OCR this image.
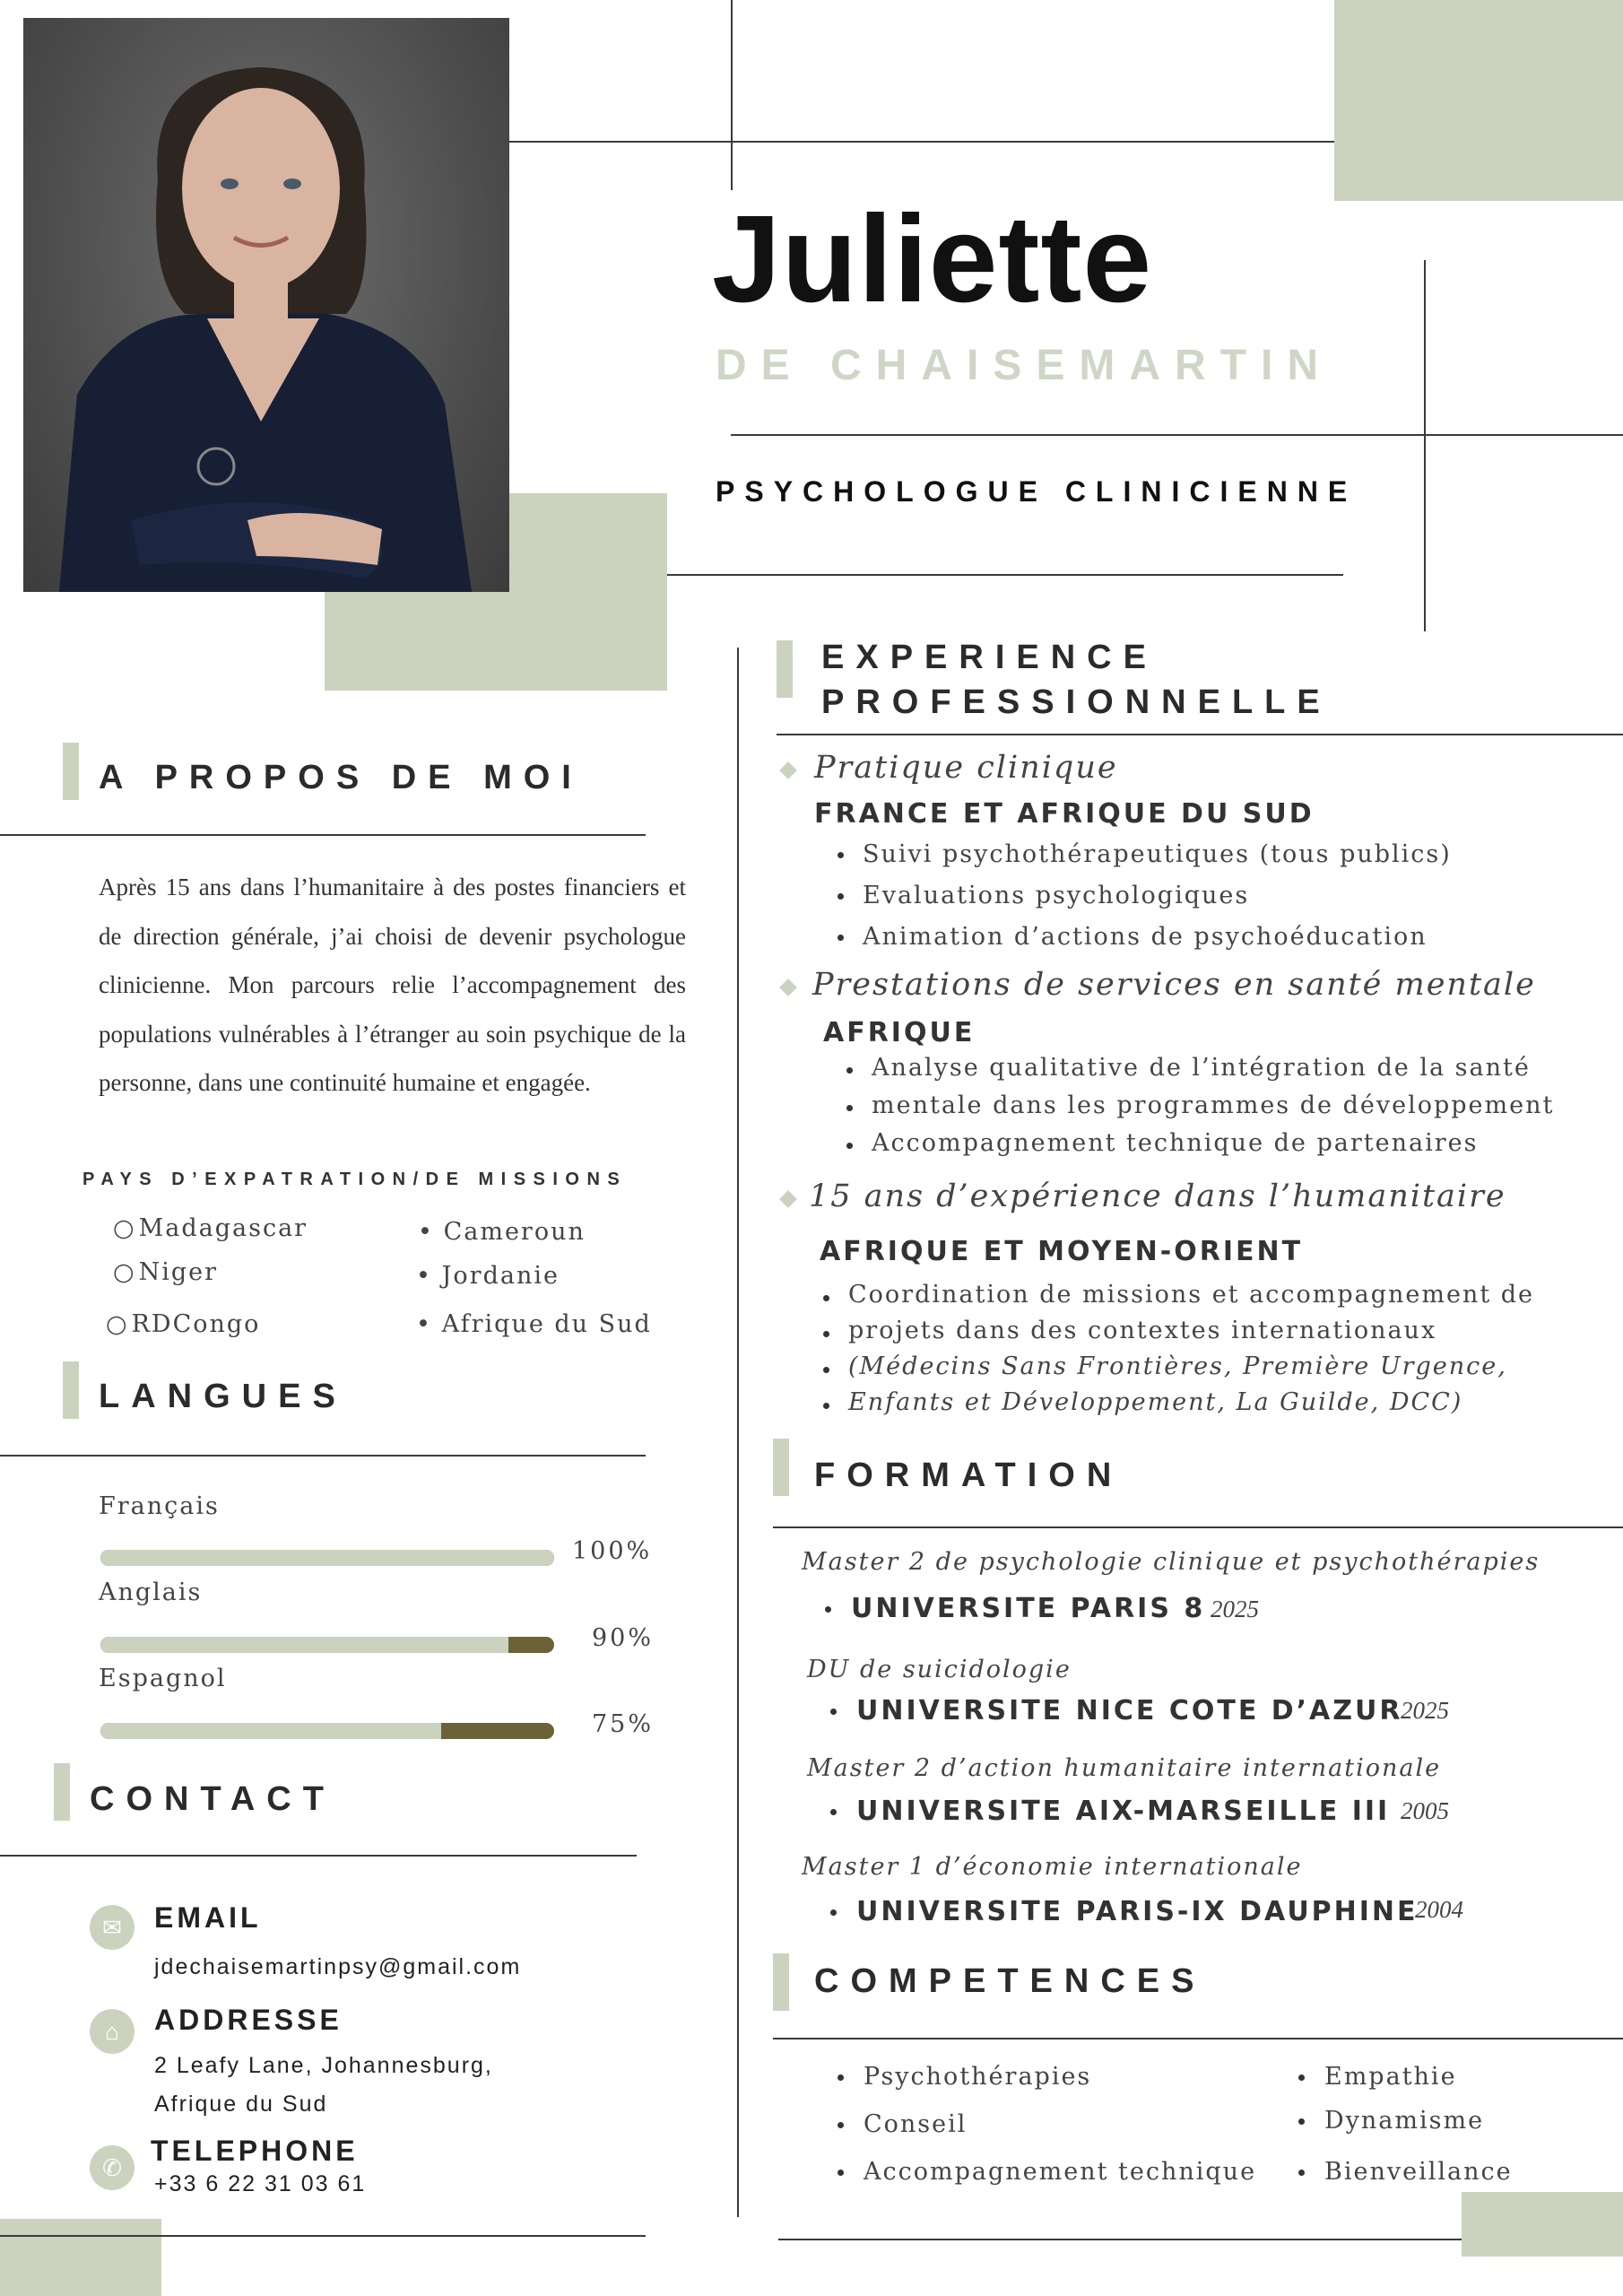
Juliette
DE CHAISEMARTIN
PSYCHOLOGUE CLINICIENNE
A PROPOS DE MOI
Après 15 ans dans l’humanitaire à des postes financiers et de direction générale, j’ai choisi de devenir psychologue clinicienne. Mon parcours relie l’accompagnement des populations vulnérables à l’étranger au soin psychique de la personne, dans une continuité humaine et engagée.
PAYS D’EXPATRATION/DE MISSIONS
○ Madagascar
○ Niger
○ RDCongo
• Cameroun
• Jordanie
• Afrique du Sud
LANGUES
Français
100%
Anglais
90%
Espagnol
75%
CONTACT
✉	EMAIL
jdechaisemartinpsy@gmail.com
⌂	ADDRESSE
2 Leafy Lane, Johannesburg,
Afrique du Sud
✆
TELEPHONE
+33 6 22 31 03 61
EXPERIENCE
PROFESSIONNELLE
Pratique clinique
FRANCE ET AFRIQUE DU SUD
Suivi psychothérapeutiques (tous publics)
Evaluations psychologiques
Animation d’actions de psychoéducation
Prestations de services en santé mentale
AFRIQUE
Analyse qualitative de l’intégration de la santé
mentale dans les programmes de développement
Accompagnement technique de partenaires
15 ans d’expérience dans l’humanitaire
AFRIQUE ET MOYEN-ORIENT
Coordination de missions et accompagnement de
projets dans des contextes internationaux
(Médecins Sans Frontières, Première Urgence,
Enfants et Développement, La Guilde, DCC)
FORMATION
Master 2 de psychologie clinique et psychothérapies
UNIVERSITE PARIS 8 2025
DU de suicidologie
UNIVERSITE NICE COTE D’AZUR
2025
Master 2 d’action humanitaire internationale
UNIVERSITE AIX-MARSEILLE III 2005
Master 1 d’économie internationale
UNIVERSITE PARIS-IX DAUPHINE
2004
COMPETENCES
Psychothérapies
Conseil
Accompagnement technique
Empathie
Dynamisme
Bienveillance
